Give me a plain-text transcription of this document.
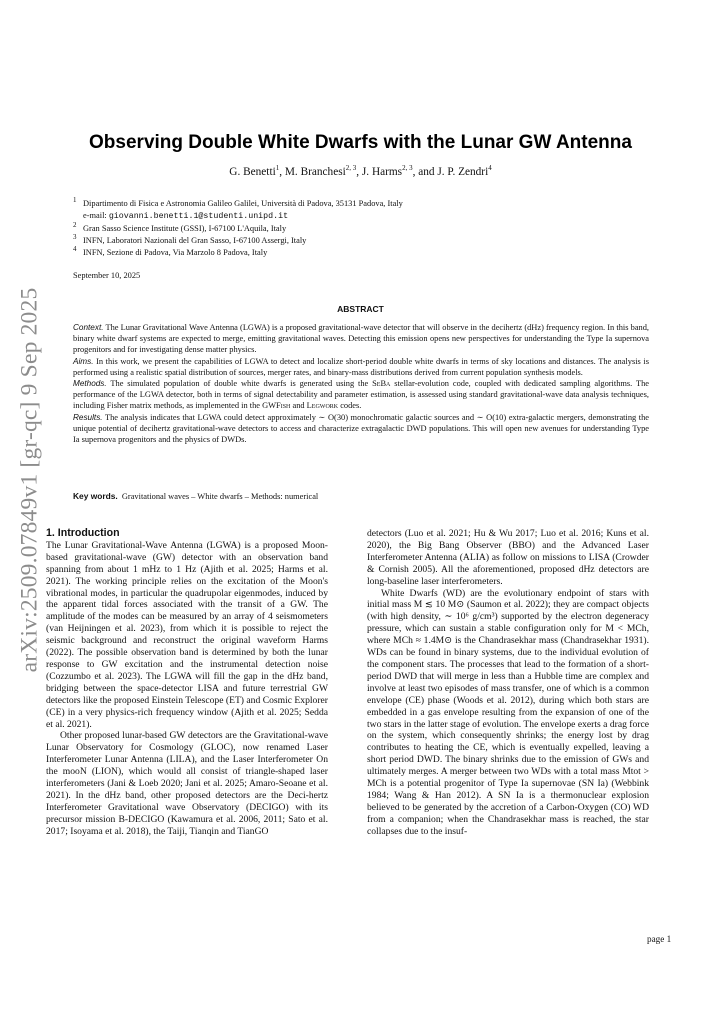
arXiv:2509.07849v1 [gr-qc] 9 Sep 2025
Observing Double White Dwarfs with the Lunar GW Antenna

G. Benetti$^1$, M. Branchesi$^{2, 3}$, J. Harms$^{2, 3}$, and J. P. Zendri$^4$

$^1$ Dipartimento di Fisica e Astronomia Galileo Galilei, Università di Padova, 35131 Padova, Italy

e-mail: giovanni.benetti.1@studenti.unipd.it

$^2$ Gran Sasso Science Institute (GSSI), I-67100 L'Aquila, Italy

$^3$ INFN, Laboratori Nazionali del Gran Sasso, I-67100 Assergi, Italy

$^4$ INFN, Sezione di Padova, Via Marzolo 8 Padova, Italy

September 10, 2025

ABSTRACT

Context. The Lunar Gravitational Wave Antenna (LGWA) is a proposed gravitational-wave detector that will observe in the decihertz (dHz) frequency region. In this band, binary white dwarf systems are expected to merge, emitting gravitational waves. Detecting this emission opens new perspectives for understanding the Type Ia supernova progenitors and for investigating dense matter physics.

Aims. In this work, we present the capabilities of LGWA to detect and localize short-period double white dwarfs in terms of sky locations and distances. The analysis is performed using a realistic spatial distribution of sources, merger rates, and binary-mass distributions derived from current population synthesis models.

Methods. The simulated population of double white dwarfs is generated using the SeBa stellar-evolution code, coupled with dedicated sampling algorithms. The performance of the LGWA detector, both in terms of signal detectability and parameter estimation, is assessed using standard gravitational-wave data analysis techniques, including Fisher matrix methods, as implemented in the GWFish and Legwork codes.

Results. The analysis indicates that LGWA could detect approximately ∼ O(30) monochromatic galactic sources and ∼ O(10) extra-galactic mergers, demonstrating the unique potential of decihertz gravitational-wave detectors to access and characterize extragalactic DWD populations. This will open new avenues for understanding Type Ia supernova progenitors and the physics of DWDs.

Key words. Gravitational waves – White dwarfs – Methods: numerical

1. Introduction

The Lunar Gravitational-Wave Antenna (LGWA) is a proposed Moon-based gravitational-wave (GW) detector with an observation band spanning from about 1 mHz to 1 Hz (Ajith et al. 2025; Harms et al. 2021). The working principle relies on the excitation of the Moon's vibrational modes, in particular the quadrupolar eigenmodes, induced by the apparent tidal forces associated with the transit of a GW. The amplitude of the modes can be measured by an array of 4 seismometers (van Heijningen et al. 2023), from which it is possible to reject the seismic background and reconstruct the original waveform Harms (2022). The possible observation band is determined by both the lunar response to GW excitation and the instrumental detection noise (Cozzumbo et al. 2023). The LGWA will fill the gap in the dHz band, bridging between the space-detector LISA and future terrestrial GW detectors like the proposed Einstein Telescope (ET) and Cosmic Explorer (CE) in a very physics-rich frequency window (Ajith et al. 2025; Sedda et al. 2021).

Other proposed lunar-based GW detectors are the Gravitational-wave Lunar Observatory for Cosmology (GLOC), now renamed Laser Interferometer Lunar Antenna (LILA), and the Laser Interferometer On the mooN (LION), which would all consist of triangle-shaped laser interferometers (Jani & Loeb 2020; Jani et al. 2025; Amaro-Seoane et al. 2021). In the dHz band, other proposed detectors are the Deci-hertz Interferometer Gravitational wave Observatory (DECIGO) with its precursor mission B-DECIGO (Kawamura et al. 2006, 2011; Sato et al. 2017; Isoyama et al. 2018), the Taiji, Tianqin and TianGO

detectors (Luo et al. 2021; Hu & Wu 2017; Luo et al. 2016; Kuns et al. 2020), the Big Bang Observer (BBO) and the Advanced Laser Interferometer Antenna (ALIA) as follow on missions to LISA (Crowder & Cornish 2005). All the aforementioned, proposed dHz detectors are long-baseline laser interferometers.

White Dwarfs (WD) are the evolutionary endpoint of stars with initial mass M ≲ 10 M⊙ (Saumon et al. 2022); they are compact objects (with high density, ∼ 10⁶ g/cm³) supported by the electron degeneracy pressure, which can sustain a stable configuration only for M < MCh, where MCh ≈ 1.4M⊙ is the Chandrasekhar mass (Chandrasekhar 1931). WDs can be found in binary systems, due to the individual evolution of the component stars. The processes that lead to the formation of a short-period DWD that will merge in less than a Hubble time are complex and involve at least two episodes of mass transfer, one of which is a common envelope (CE) phase (Woods et al. 2012), during which both stars are embedded in a gas envelope resulting from the expansion of one of the two stars in the latter stage of evolution. The envelope exerts a drag force on the system, which consequently shrinks; the energy lost by drag contributes to heating the CE, which is eventually expelled, leaving a short period DWD. The binary shrinks due to the emission of GWs and ultimately merges. A merger between two WDs with a total mass Mtot > MCh is a potential progenitor of Type Ia supernovae (SN Ia) (Webbink 1984; Wang & Han 2012). A SN Ia is a thermonuclear explosion believed to be generated by the accretion of a Carbon-Oxygen (CO) WD from a companion; when the Chandrasekhar mass is reached, the star collapses due to the insuf-

page 1
